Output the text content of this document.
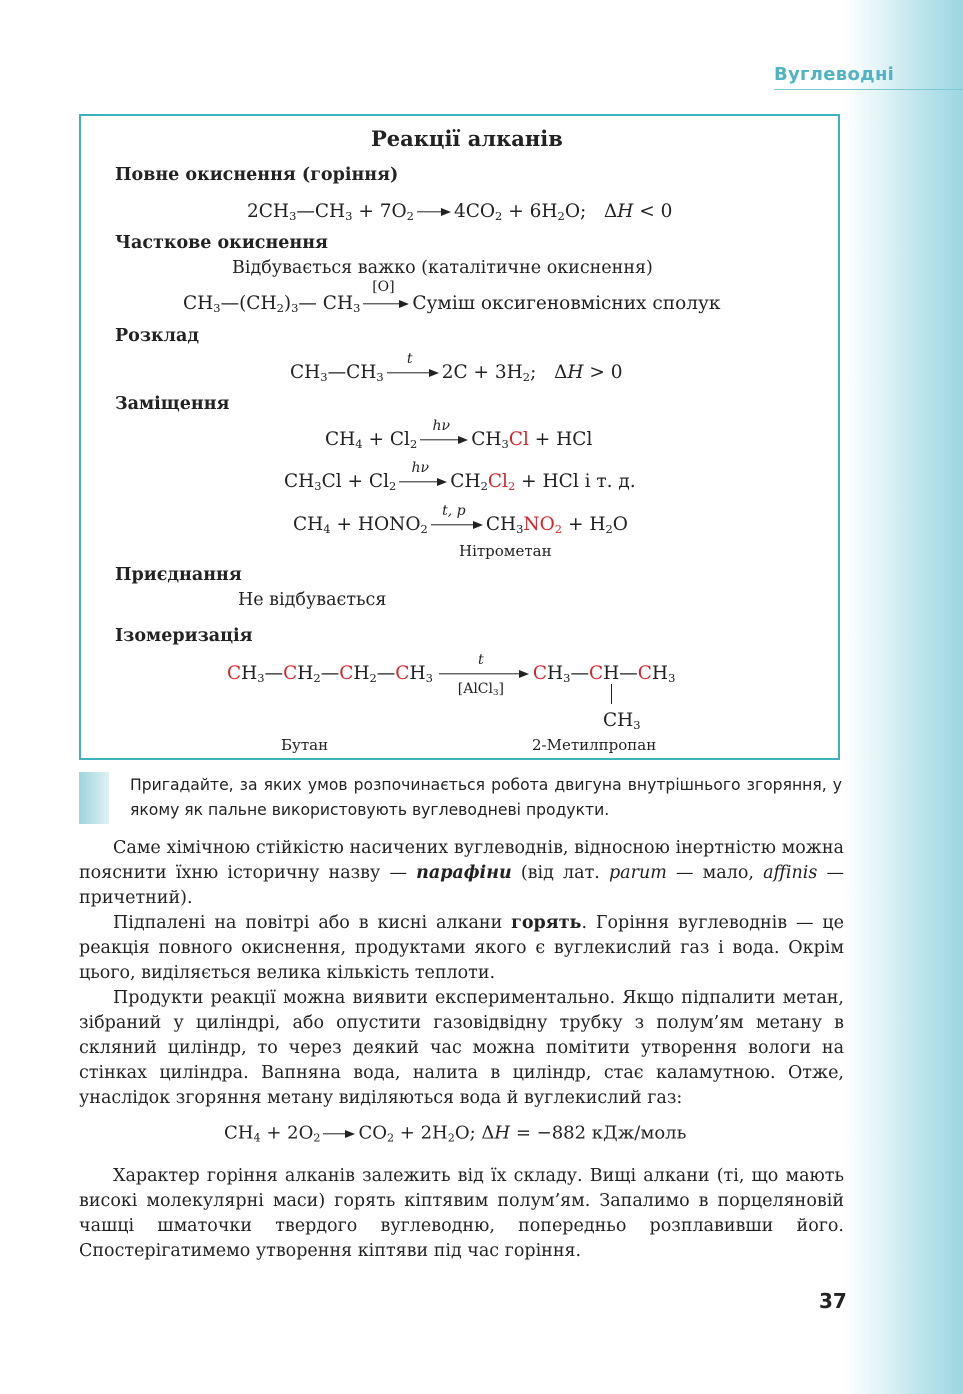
Вуглеводні
Реакції алканів
Повне окиснення (горіння)
$2CH_3—CH_3 + 7O_2$ $4CO_2 + 6H_2O$;   ΔH < 0
Часткове окиснення
Відбувається важко (каталітичне окиснення)
$CH_3—(CH_2)_3—$ $CH_3$
[O]
Суміш оксигеновмісних сполук
Розклад
$CH_3—CH_3$
t
$2C + 3H_2$;   ΔH > 0
Заміщення
$CH_4 + Cl_2$
hν
$CH_3Cl$ + HCl
$CH_3Cl + Cl_2$
hν
$CH_2Cl_2$ + HCl і т. д.
$CH_4$ + $HONO_2$
t, p
$CH_3NO_2 + H_2O$
Нітрометан
Приєднання
Не відбувається
Ізомеризація
$CH_3—CH_2—CH_2—CH_3$
t
[AlCl$_3$]
$CH_3—CH—CH_3$
$CH_3$
Бутан	2-Метилпропан
Пригадайте, за яких умов розпочинається робота двигуна внутрішнього згоряння, у якому як пальне використовують вуглеводневі продукти.

Саме хімічною стійкістю насичених вуглеводнів, відносною інертністю можна пояснити їхню історичну назву — парафіни (від лат. parum — мало, affinis — причетний).

Підпалені на повітрі або в кисні алкани горять. Горіння вуглеводнів — це реакція повного окиснення, продуктами якого є вуглекислий газ і вода. Окрім цього, виділяється велика кількість теплоти.

Продукти реакції можна виявити експериментально. Якщо підпалити метан, зібраний у циліндрі, або опустити газовідвідну трубку з полум’ям метану в скляний циліндр, то через деякий час можна помітити утворення вологи на стінках циліндра. Вапняна вода, налита в циліндр, стає каламутною. Отже, унаслідок згоряння метану виділяються вода й вуглекислий газ:

$CH_4 + 2O_2$ $CO_2 + 2H_2O$; ΔH = −882 кДж/моль

Характер горіння алканів залежить від їх складу. Вищі алкани (ті, що мають високі молекулярні маси) горять кіптявим полум’ям. Запалимо в порцеляновій чашці шматочки твердого вуглеводню, попередньо розплавивши його. Спостерігатимемо утворення кіптяви під час горіння.

37
